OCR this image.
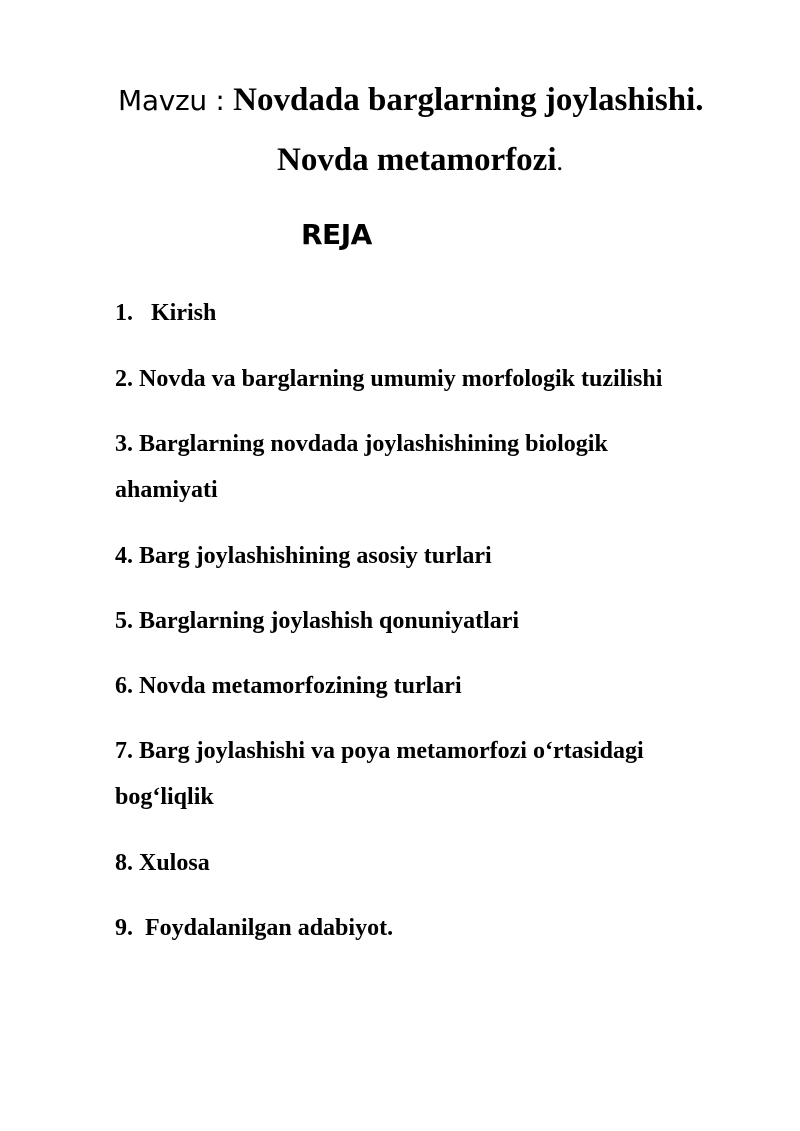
Mavzu : Novdada barglarning joylashishi.
Novda metamorfozi.
REJA
1.   Kirish
2. Novda va barglarning umumiy morfologik tuzilishi
3. Barglarning novdada joylashishining biologik ahamiyati
4. Barg joylashishining asosiy turlari
5. Barglarning joylashish qonuniyatlari
6. Novda metamorfozining turlari
7. Barg joylashishi va poya metamorfozi o‘rtasidagi bog‘liqlik
8. Xulosa
9.  Foydalanilgan adabiyot.
